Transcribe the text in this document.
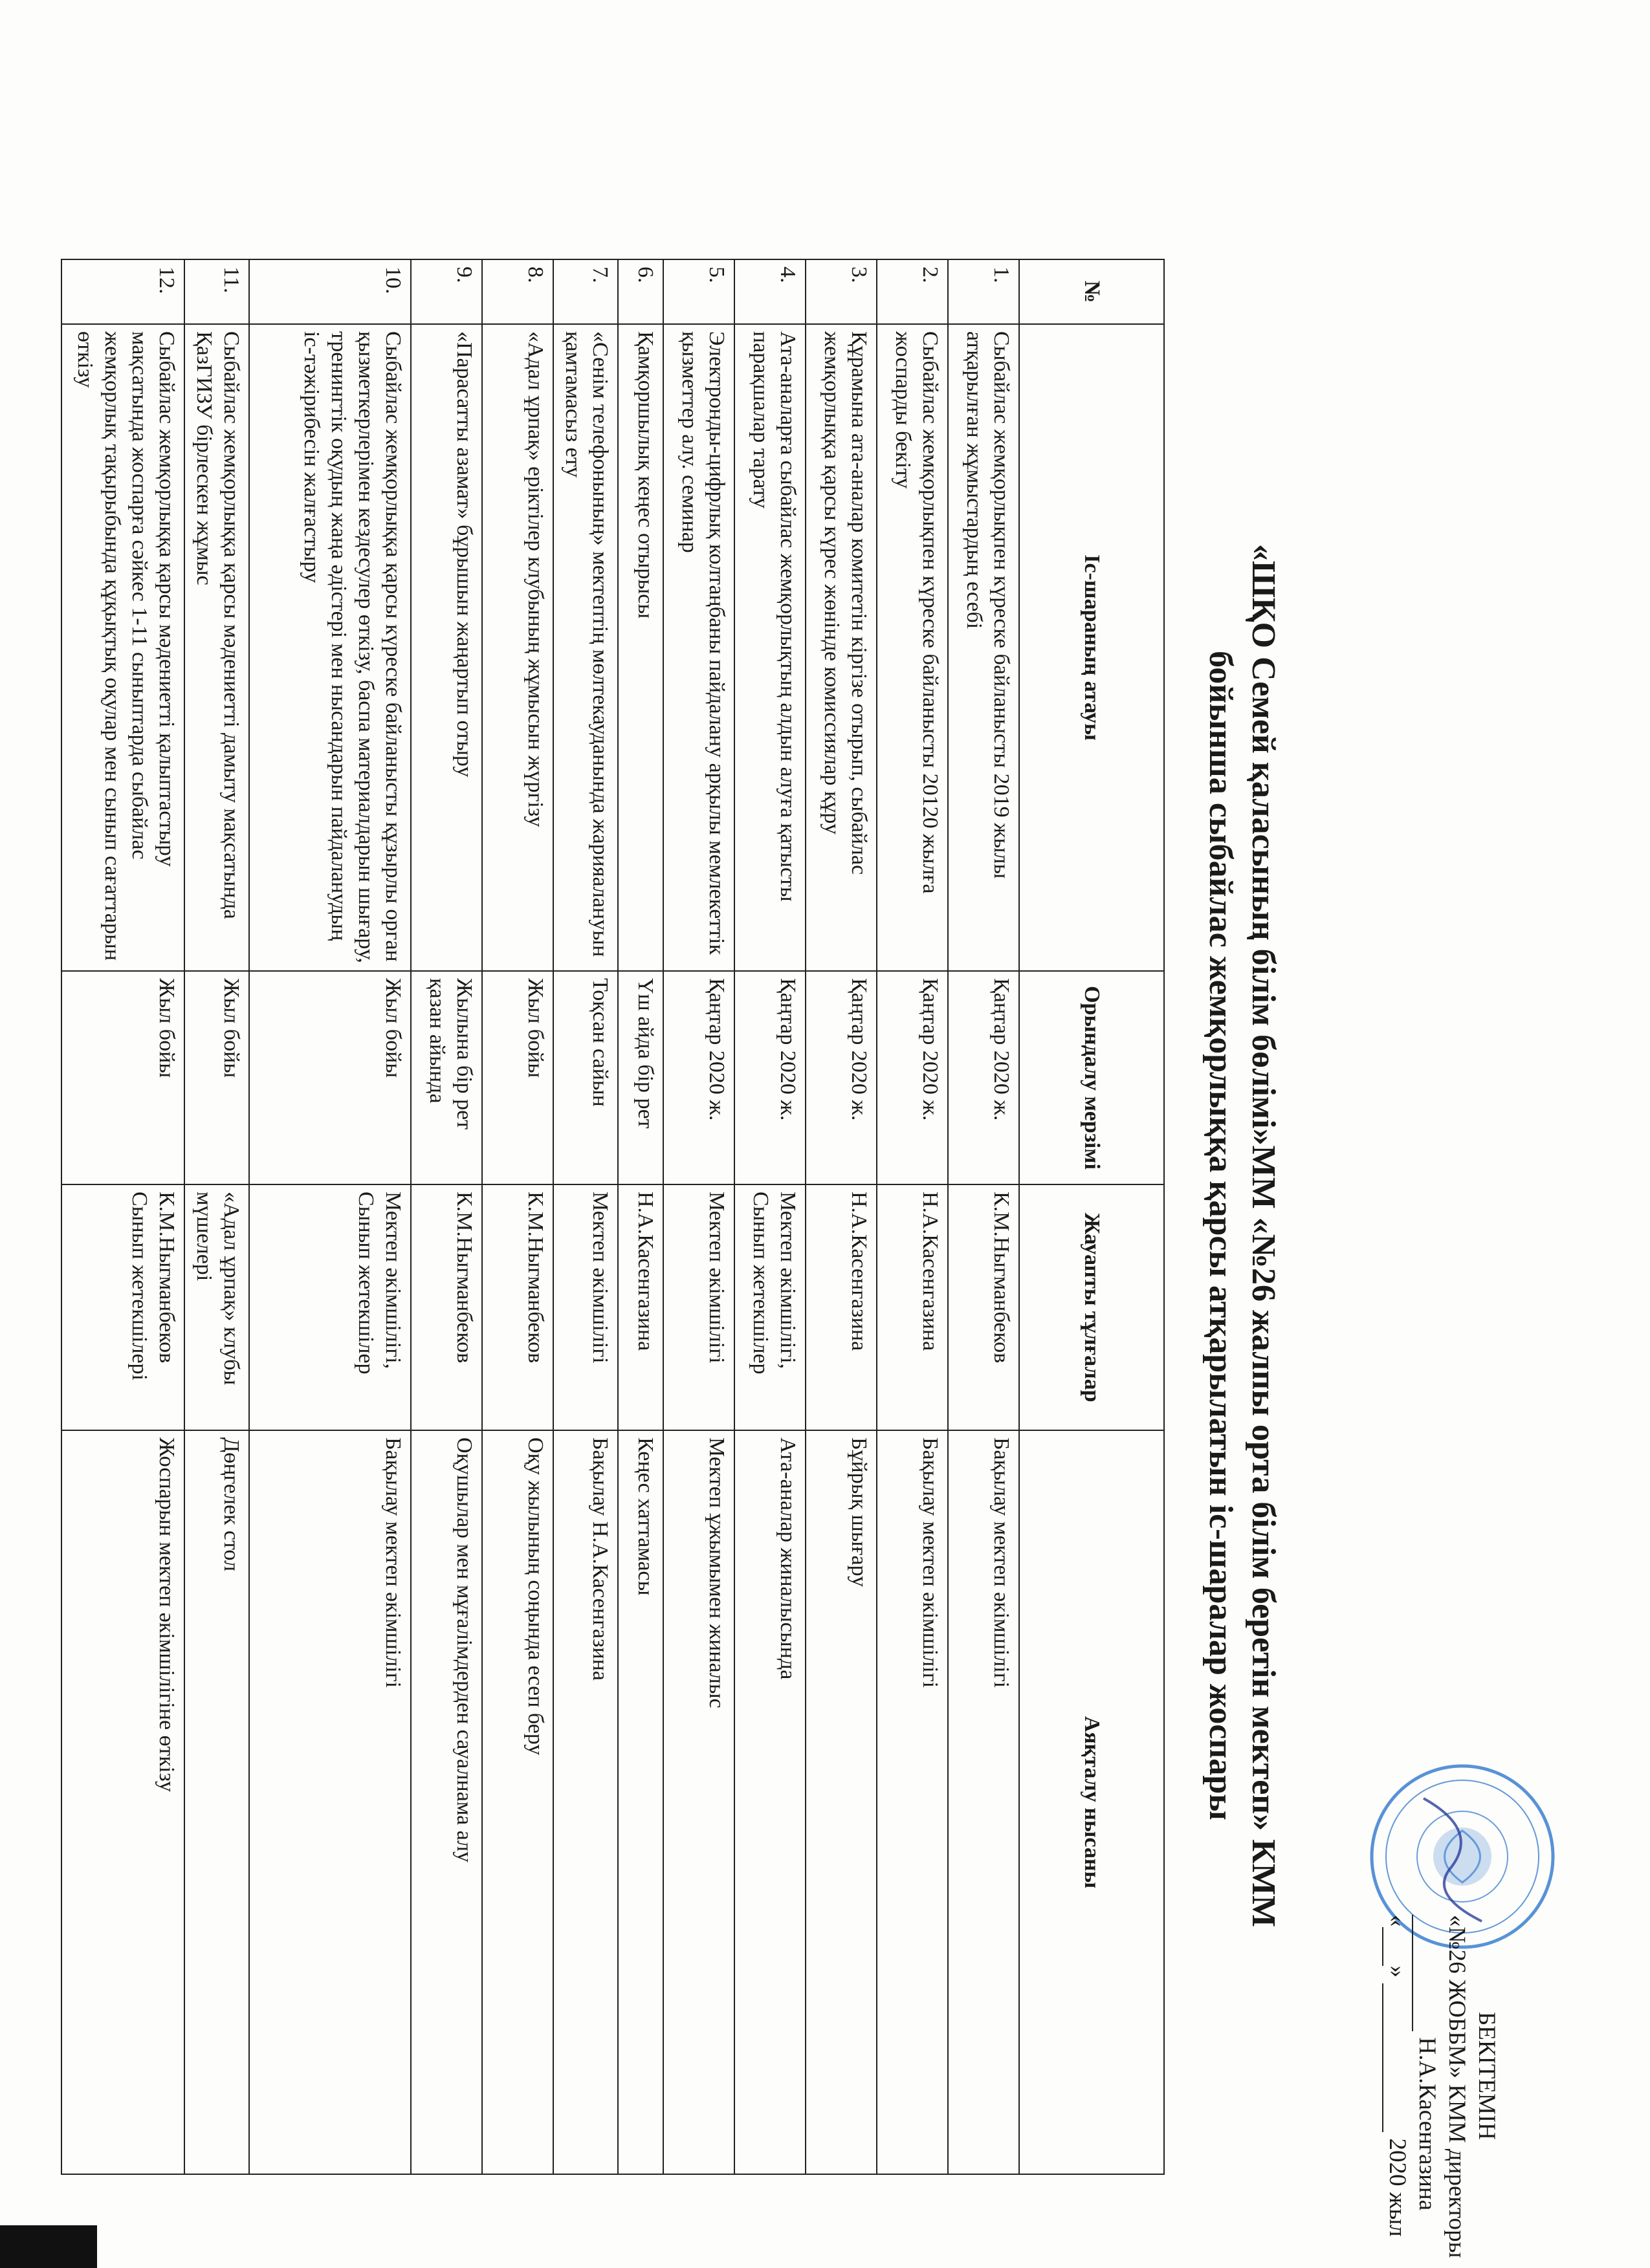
БЕКІТЕМІН
«№26 ЖОББМ» КММ директоры
Н.А.Касенгазина
«»  2020 жыл
«ШҚО Семей қаласының білім бөлімі»ММ «№26 жалпы орта білім беретін мектеп» КММ
бойынша сыбайлас жемқорлыққа қарсы атқарылатын іс-шаралар жоспары
№	Іс-шараның атауы	Орындалу мерзімі	Жауапты тұлғалар	Аяқталу нысаны
1.	Сыбайлас жемқорлықпен күреске байланысты 2019 жылы атқарылған жұмыстардың есебі	Қаңтар 2020 ж.	К.М.Ныгманбеков	Бақылау мектеп әкімшілігі
2.	Сыбайлас жемқорлықпен күреске байланысты 20120 жылға жоспарды бекіту	Қаңтар 2020 ж.	Н.А.Касенгазина	Бақылау мектеп әкімшілігі
3.	Құрамына ата-аналар комитетін кіргізе отырып, сыбайлас жемқорлыққа қарсы күрес жөнінде комиссиялар құру	Қаңтар 2020 ж.	Н.А.Касенгазина	Бұйрық шығару
4.	Ата-аналарға сыбайлас жемқорлықтың алдын алуға қатысты парақшалар тарату	Қаңтар 2020 ж.	Мектеп әкімшілігі, Сынып жетекшілер	Ата-аналар жиналысында
5.	Электронды-цифрлық колтаңбаны пайдалану арқылы мемлекеттік қызметтер алу. семинар	Қаңтар 2020 ж.	Мектеп әкімшілігі	Мектеп ұжымымен жиналыс
6.	Қамқоршылық кеңес отырысы	Үш айда бір рет	Н.А.Касенгазина	Кеңес хаттамасы
7.	«Сенім телефонының» мектептің мөлтекауданында жарияалануын қамтамасыз ету	Тоқсан сайын	Мектеп әкімшілігі	Бақылау Н.А.Касенгазина
8.	«Адал ұрпақ» еріктілер клубының жұмысын жүргізу	Жыл бойы	К.М.Ныгманбеков	Оқу жылының соңында есеп беру
9.	«Парасатты азамат» бұрышын жаңартып отыру	Жылына бір рет қазан айында	К.М.Ныгманбеков	Оқушылар мен мұғалімдерден сауалнама алу
10.	Сыбайлас жемқорлыққа қарсы күреске байланысты құзырлы орган қызметкерлерімен кездесулер өткізу, баспа материалдарын шығару, тренингтік оқудың жаңа әдістері мен нысандарын пайдаланудың іс-тәжірибесін жалғастыру	Жыл бойы	Мектеп әкімшілігі, Сынып жетекшілер	Бақылау мектеп әкімшілігі
11.	Сыбайлас жемқорлыққа қарсы мәдениетті дамыту мақсатында ҚазГИЗУ бірлескен жұмыс	Жыл бойы	«Адал ұрпақ» клубы мүшелері	Дөңгелек стол
12.	Сыбайлас жемқорлыққа қарсы мәдениетті қалыптастыру мақсатында жоспарға сәйкес 1-11 сыныптарда сыбайлас жемқорлық тақырыбында құқықтық оқулар мен сынып сағаттарын өткізу	Жыл бойы	К.М.Ныгманбеков Сынып жетекшілері	Жоспарын мектеп әкімшілігіне өткізу
